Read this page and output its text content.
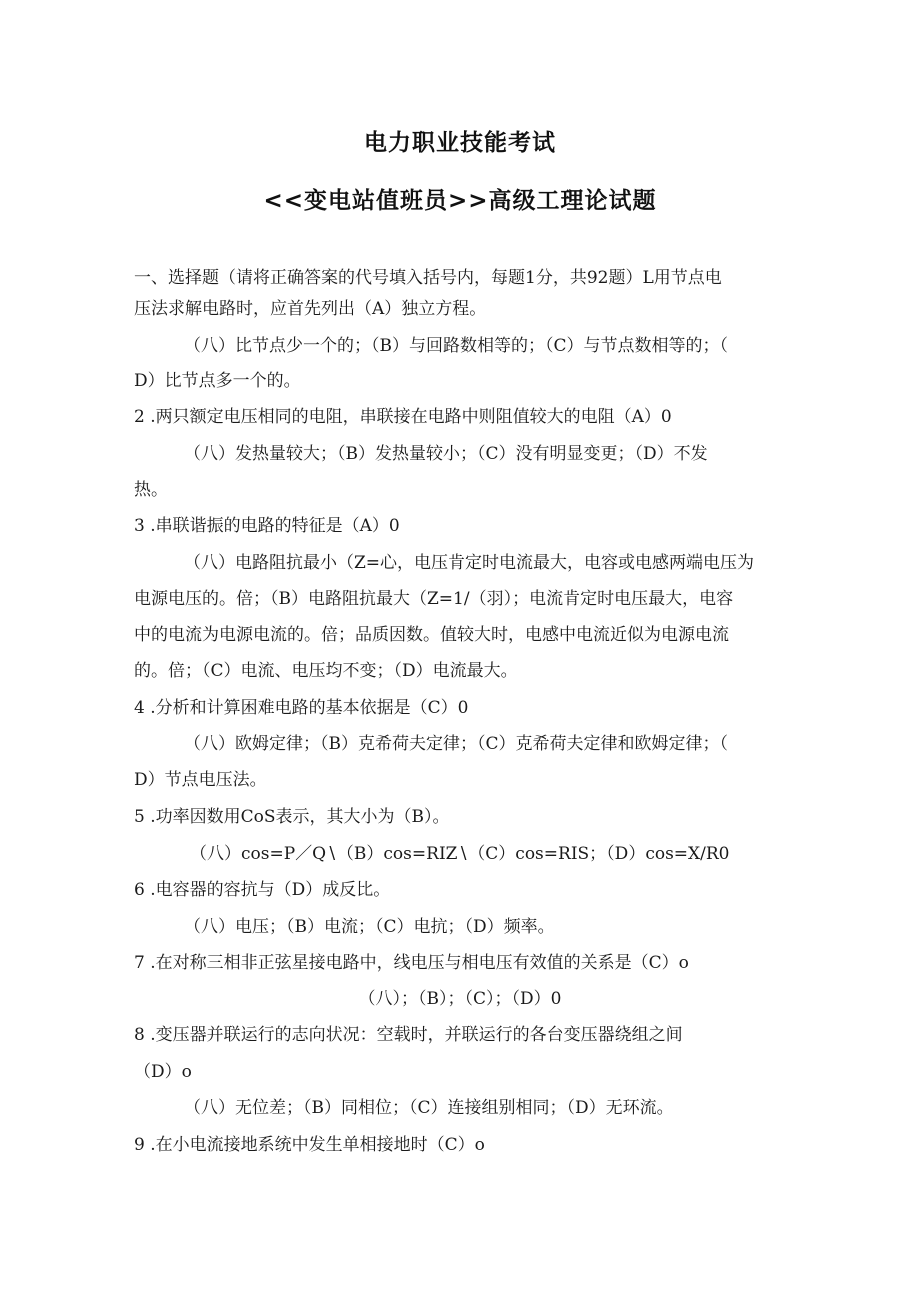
电力职业技能考试
<<变电站值班员>>高级工理论试题
一、选择题（请将正确答案的代号填入括号内，每题1分，共92题）L用节点电
压法求解电路时，应首先列出（A）独立方程。
（八）比节点少一个的；（B）与回路数相等的；（C）与节点数相等的；（
D）比节点多一个的。
2 .两只额定电压相同的电阻，串联接在电路中则阻值较大的电阻（A）0
（八）发热量较大；（B）发热量较小；（C）没有明显变更；（D）不发
热。
3 .串联谐振的电路的特征是（A）0
（八）电路阻抗最小（Z=心，电压肯定时电流最大，电容或电感两端电压为
电源电压的。倍；（B）电路阻抗最大（Z=1/（羽）；电流肯定时电压最大，电容
中的电流为电源电流的。倍；品质因数。值较大时，电感中电流近似为电源电流
的。倍；（C）电流、电压均不变；（D）电流最大。
4 .分析和计算困难电路的基本依据是（C）0
（八）欧姆定律；（B）克希荷夫定律；（C）克希荷夫定律和欧姆定律；（
D）节点电压法。
5 .功率因数用CoS表示，其大小为（B）。
（八）cos=P／Q∖（B）cos=RIZ∖（C）cos=RIS；（D）cos=X/R0
6 .电容器的容抗与（D）成反比。
（八）电压；（B）电流；（C）电抗；（D）频率。
7 .在对称三相非正弦星接电路中，线电压与相电压有效值的关系是（C）o
（八）；（B）；（C）；（D）0
8 .变压器并联运行的志向状况：空载时，并联运行的各台变压器绕组之间
（D）o
（八）无位差；（B）同相位；（C）连接组别相同；（D）无环流。
9 .在小电流接地系统中发生单相接地时（C）o
